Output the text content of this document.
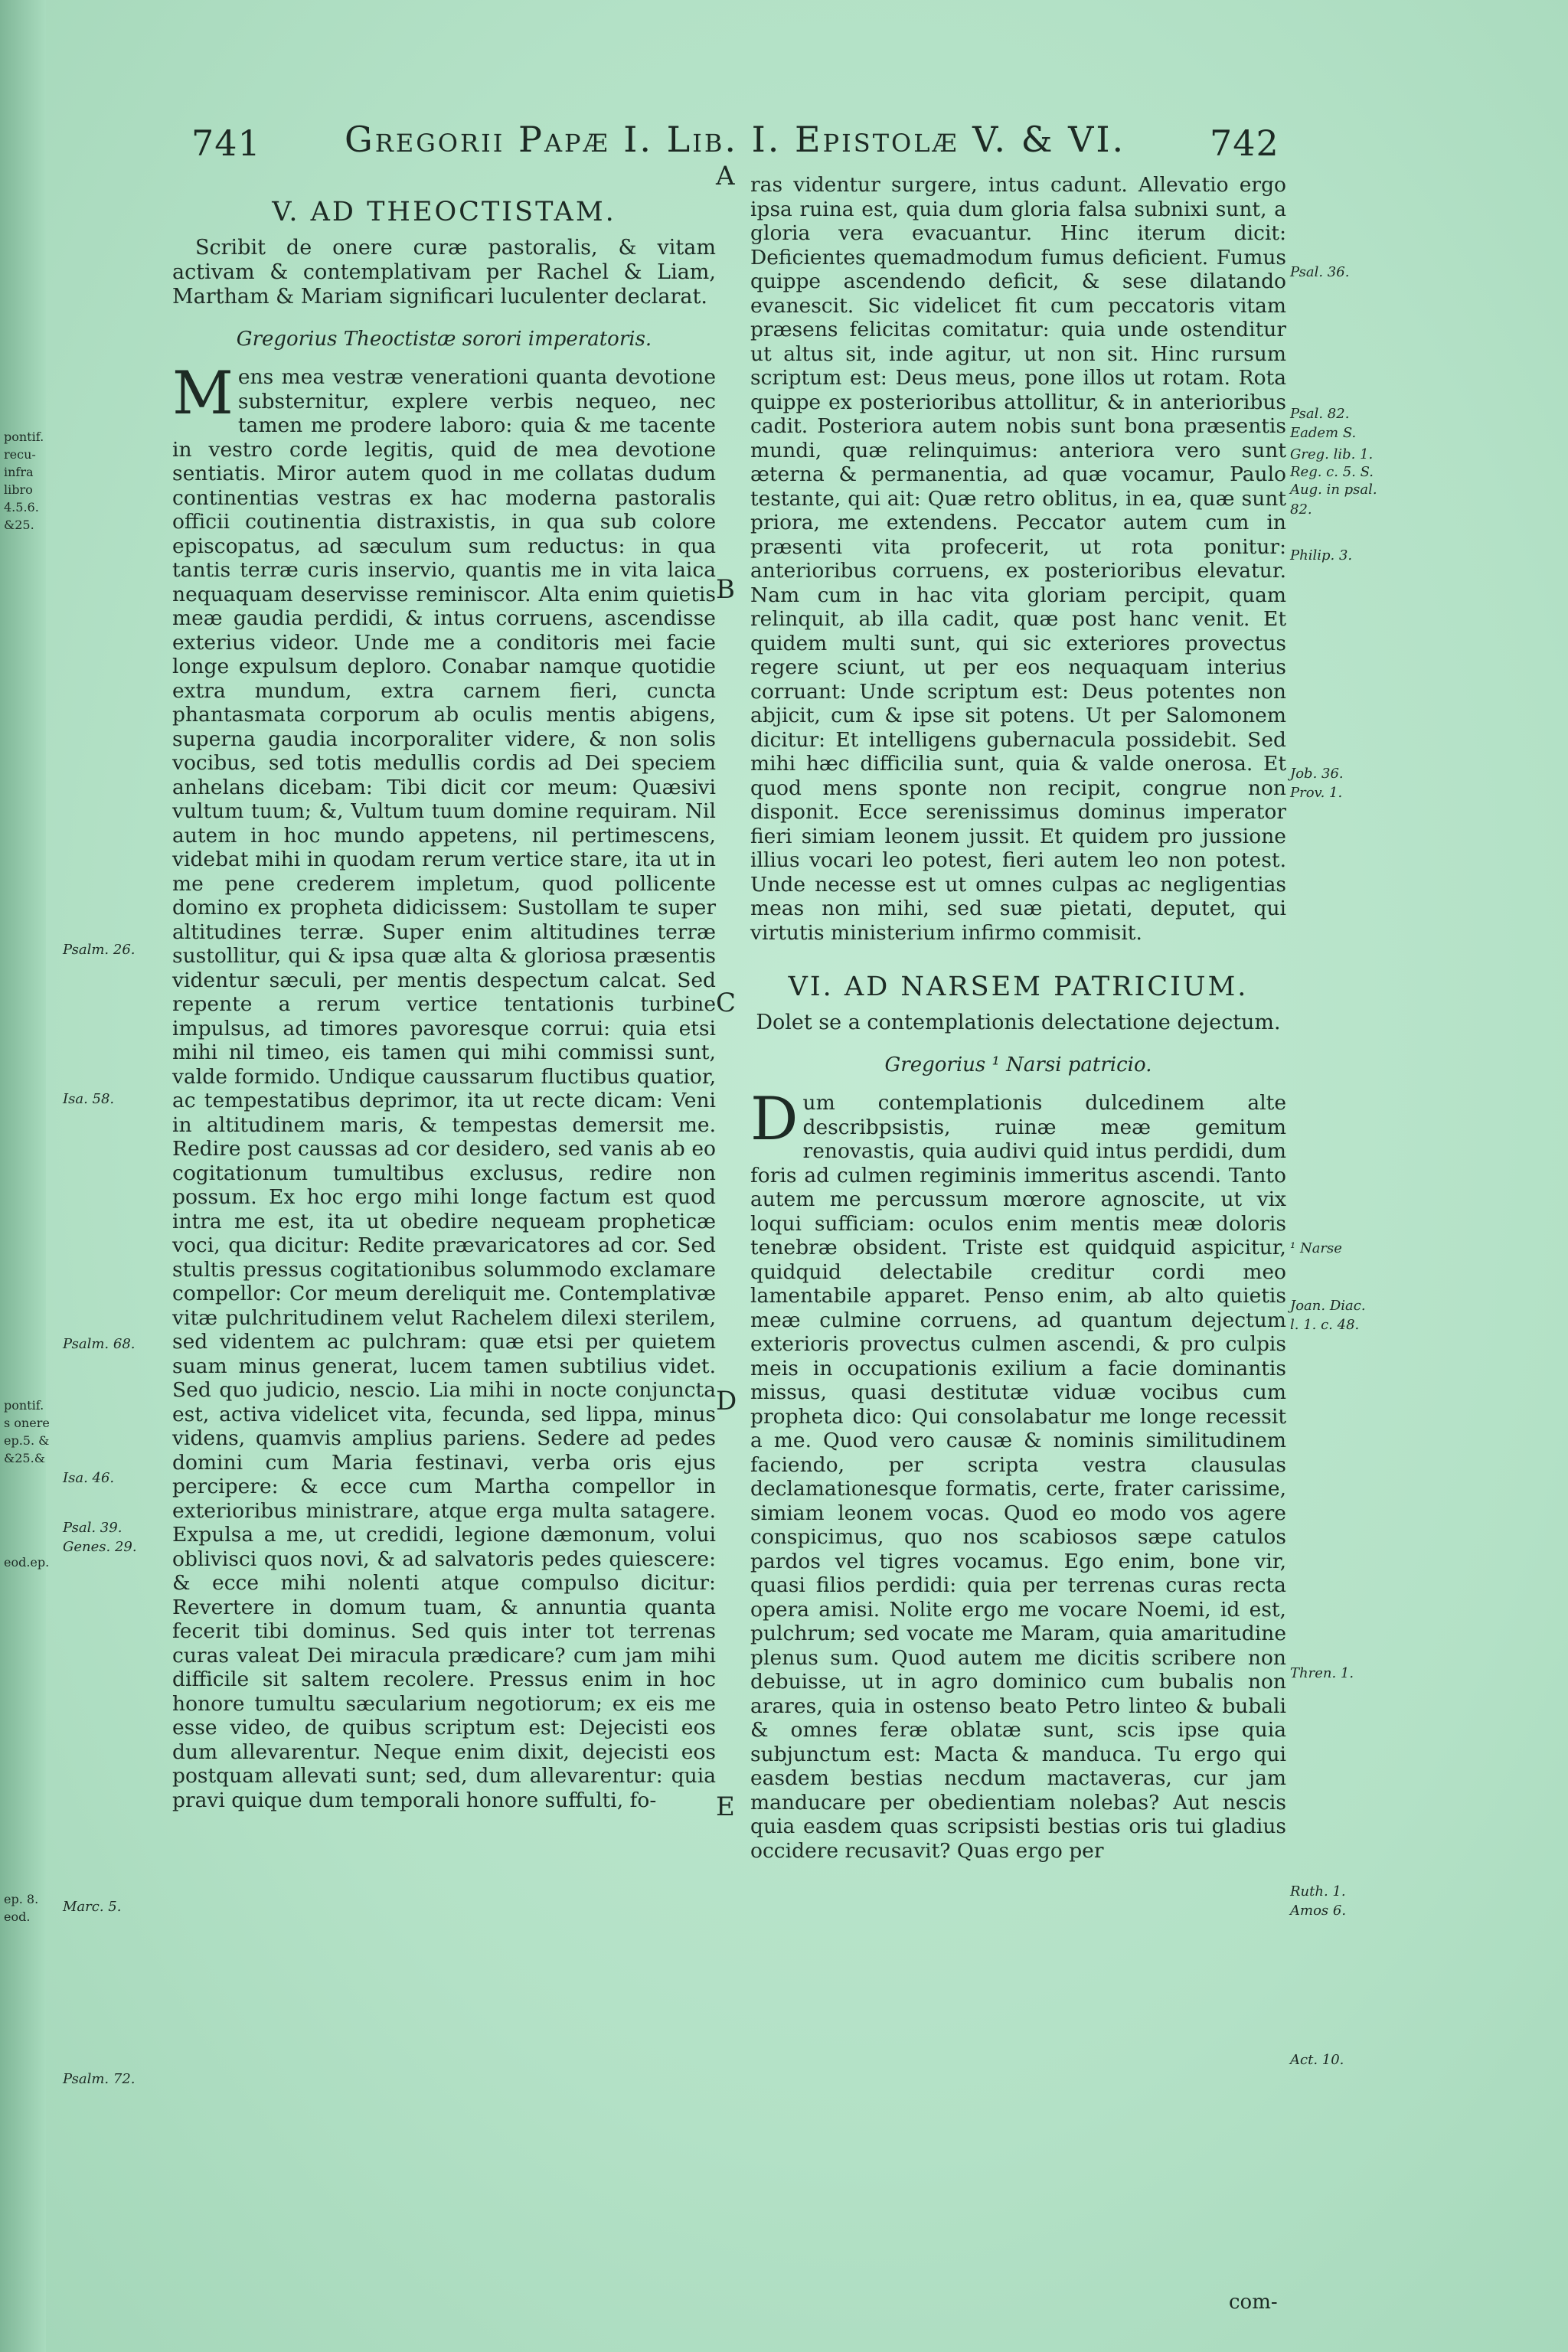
741 Gregorii Papæ I. Lib. I. Epistolæ V. & VI. 742
A
B
C
D
E
V. AD THEOCTISTAM.

Scribit de onere curæ pastoralis, & vitam activam & contemplativam per Rachel & Liam, Martham & Mariam significari luculenter declarat.

Gregorius Theoctistæ sorori imperatoris.

Mens mea vestræ venerationi quanta devotione substernitur, explere verbis nequeo, nec tamen me prodere laboro: quia & me tacente in vestro corde legitis, quid de mea devotione sentiatis. Miror autem quod in me collatas dudum continentias vestras ex hac moderna pastoralis officii coutinentia distraxistis, in qua sub colore episcopatus, ad sæculum sum reductus: in qua tantis terræ curis inservio, quantis me in vita laica nequaquam deservisse reminiscor. Alta enim quietis meæ gaudia perdidi, & intus corruens, ascendisse exterius videor. Unde me a conditoris mei facie longe expulsum deploro. Conabar namque quotidie extra mundum, extra carnem fieri, cuncta phantasmata corporum ab oculis mentis abigens, superna gaudia incorporaliter videre, & non solis vocibus, sed totis medullis cordis ad Dei speciem anhelans dicebam: Tibi dicit cor meum: Quæsivi vultum tuum; &, Vultum tuum domine requiram. Nil autem in hoc mundo appetens, nil pertimescens, videbat mihi in quodam rerum vertice stare, ita ut in me pene crederem impletum, quod pollicente domino ex propheta didicissem: Sustollam te super altitudines terræ. Super enim altitudines terræ sustollitur, qui & ipsa quæ alta & gloriosa præsentis videntur sæculi, per mentis despectum calcat. Sed repente a rerum vertice tentationis turbine impulsus, ad timores pavoresque corrui: quia etsi mihi nil timeo, eis tamen qui mihi commissi sunt, valde formido. Undique caussarum fluctibus quatior, ac tempestatibus deprimor, ita ut recte dicam: Veni in altitudinem maris, & tempestas demersit me. Redire post caussas ad cor desidero, sed vanis ab eo cogitationum tumultibus exclusus, redire non possum. Ex hoc ergo mihi longe factum est quod intra me est, ita ut obedire nequeam propheticæ voci, qua dicitur: Redite prævaricatores ad cor. Sed stultis pressus cogitationibus solummodo exclamare compellor: Cor meum dereliquit me. Contemplativæ vitæ pulchritudinem velut Rachelem dilexi sterilem, sed videntem ac pulchram: quæ etsi per quietem suam minus generat, lucem tamen subtilius videt. Sed quo judicio, nescio. Lia mihi in nocte conjuncta est, activa videlicet vita, fecunda, sed lippa, minus videns, quamvis amplius pariens. Sedere ad pedes domini cum Maria festinavi, verba oris ejus percipere: & ecce cum Martha compellor in exterioribus ministrare, atque erga multa satagere. Expulsa a me, ut credidi, legione dæmonum, volui oblivisci quos novi, & ad salvatoris pedes quiescere: & ecce mihi nolenti atque compulso dicitur: Revertere in domum tuam, & annuntia quanta fecerit tibi dominus. Sed quis inter tot terrenas curas valeat Dei miracula prædicare? cum jam mihi difficile sit saltem recolere. Pressus enim in hoc honore tumultu sæcularium negotiorum; ex eis me esse video, de quibus scriptum est: Dejecisti eos dum allevarentur. Neque enim dixit, dejecisti eos postquam allevati sunt; sed, dum allevarentur: quia pravi quique dum temporali honore suffulti, fo-

ras videntur surgere, intus cadunt. Allevatio ergo ipsa ruina est, quia dum gloria falsa subnixi sunt, a gloria vera evacuantur. Hinc iterum dicit: Deficientes quemadmodum fumus deficient. Fumus quippe ascendendo deficit, & sese dilatando evanescit. Sic videlicet fit cum peccatoris vitam præsens felicitas comitatur: quia unde ostenditur ut altus sit, inde agitur, ut non sit. Hinc rursum scriptum est: Deus meus, pone illos ut rotam. Rota quippe ex posterioribus attollitur, & in anterioribus cadit. Posteriora autem nobis sunt bona præsentis mundi, quæ relinquimus: anteriora vero sunt æterna & permanentia, ad quæ vocamur, Paulo testante, qui ait: Quæ retro oblitus, in ea, quæ sunt priora, me extendens. Peccator autem cum in præsenti vita profecerit, ut rota ponitur: anterioribus corruens, ex posterioribus elevatur. Nam cum in hac vita gloriam percipit, quam relinquit, ab illa cadit, quæ post hanc venit. Et quidem multi sunt, qui sic exteriores provectus regere sciunt, ut per eos nequaquam interius corruant: Unde scriptum est: Deus potentes non abjicit, cum & ipse sit potens. Ut per Salomonem dicitur: Et intelligens gubernacula possidebit. Sed mihi hæc difficilia sunt, quia & valde onerosa. Et quod mens sponte non recipit, congrue non disponit. Ecce serenissimus dominus imperator fieri simiam leonem jussit. Et quidem pro jussione illius vocari leo potest, fieri autem leo non potest. Unde necesse est ut omnes culpas ac negligentias meas non mihi, sed suæ pietati, deputet, qui virtutis ministerium infirmo commisit.

VI. AD NARSEM PATRICIUM.

Dolet se a contemplationis delectatione dejectum.

Gregorius ¹ Narsi patricio.

Dum contemplationis dulcedinem alte describpsistis, ruinæ meæ gemitum renovastis, quia audivi quid intus perdidi, dum foris ad culmen regiminis immeritus ascendi. Tanto autem me percussum mœrore agnoscite, ut vix loqui sufficiam: oculos enim mentis meæ doloris tenebræ obsident. Triste est quidquid aspicitur, quidquid delectabile creditur cordi meo lamentabile apparet. Penso enim, ab alto quietis meæ culmine corruens, ad quantum dejectum exterioris provectus culmen ascendi, & pro culpis meis in occupationis exilium a facie dominantis missus, quasi destitutæ viduæ vocibus cum propheta dico: Qui consolabatur me longe recessit a me. Quod vero causæ & nominis similitudinem faciendo, per scripta vestra clausulas declamationesque formatis, certe, frater carissime, simiam leonem vocas. Quod eo modo vos agere conspicimus, quo nos scabiosos sæpe catulos pardos vel tigres vocamus. Ego enim, bone vir, quasi filios perdidi: quia per terrenas curas recta opera amisi. Nolite ergo me vocare Noemi, id est, pulchrum; sed vocate me Maram, quia amaritudine plenus sum. Quod autem me dicitis scribere non debuisse, ut in agro dominico cum bubalis non arares, quia in ostenso beato Petro linteo & bubali & omnes feræ oblatæ sunt, scis ipse quia subjunctum est: Macta & manduca. Tu ergo qui easdem bestias necdum mactaveras, cur jam manducare per obedientiam nolebas? Aut nescis quia easdem quas scripsisti bestias oris tui gladius occidere recusavit? Quas ergo per

com-
Psalm. 26.
Isa. 58.
Psalm. 68.
Isa. 46.
Psal. 39.
Genes. 29.
Marc. 5.
Psalm. 72.
pontif.
recu-
infra
libro
4.5.6.
&25.
pontif.
s onere
ep.5. &
&25.&
eod.ep.
ep. 8.
eod.
Psal. 36.
Psal. 82.
Eadem S.
Greg. lib. 1.
Reg. c. 5. S.
Aug. in psal.
82.
Philip. 3.
Job. 36.
Prov. 1.
¹ Narse
Joan. Diac.
l. 1. c. 48.
Thren. 1.
Ruth. 1.
Amos 6.
Act. 10.
